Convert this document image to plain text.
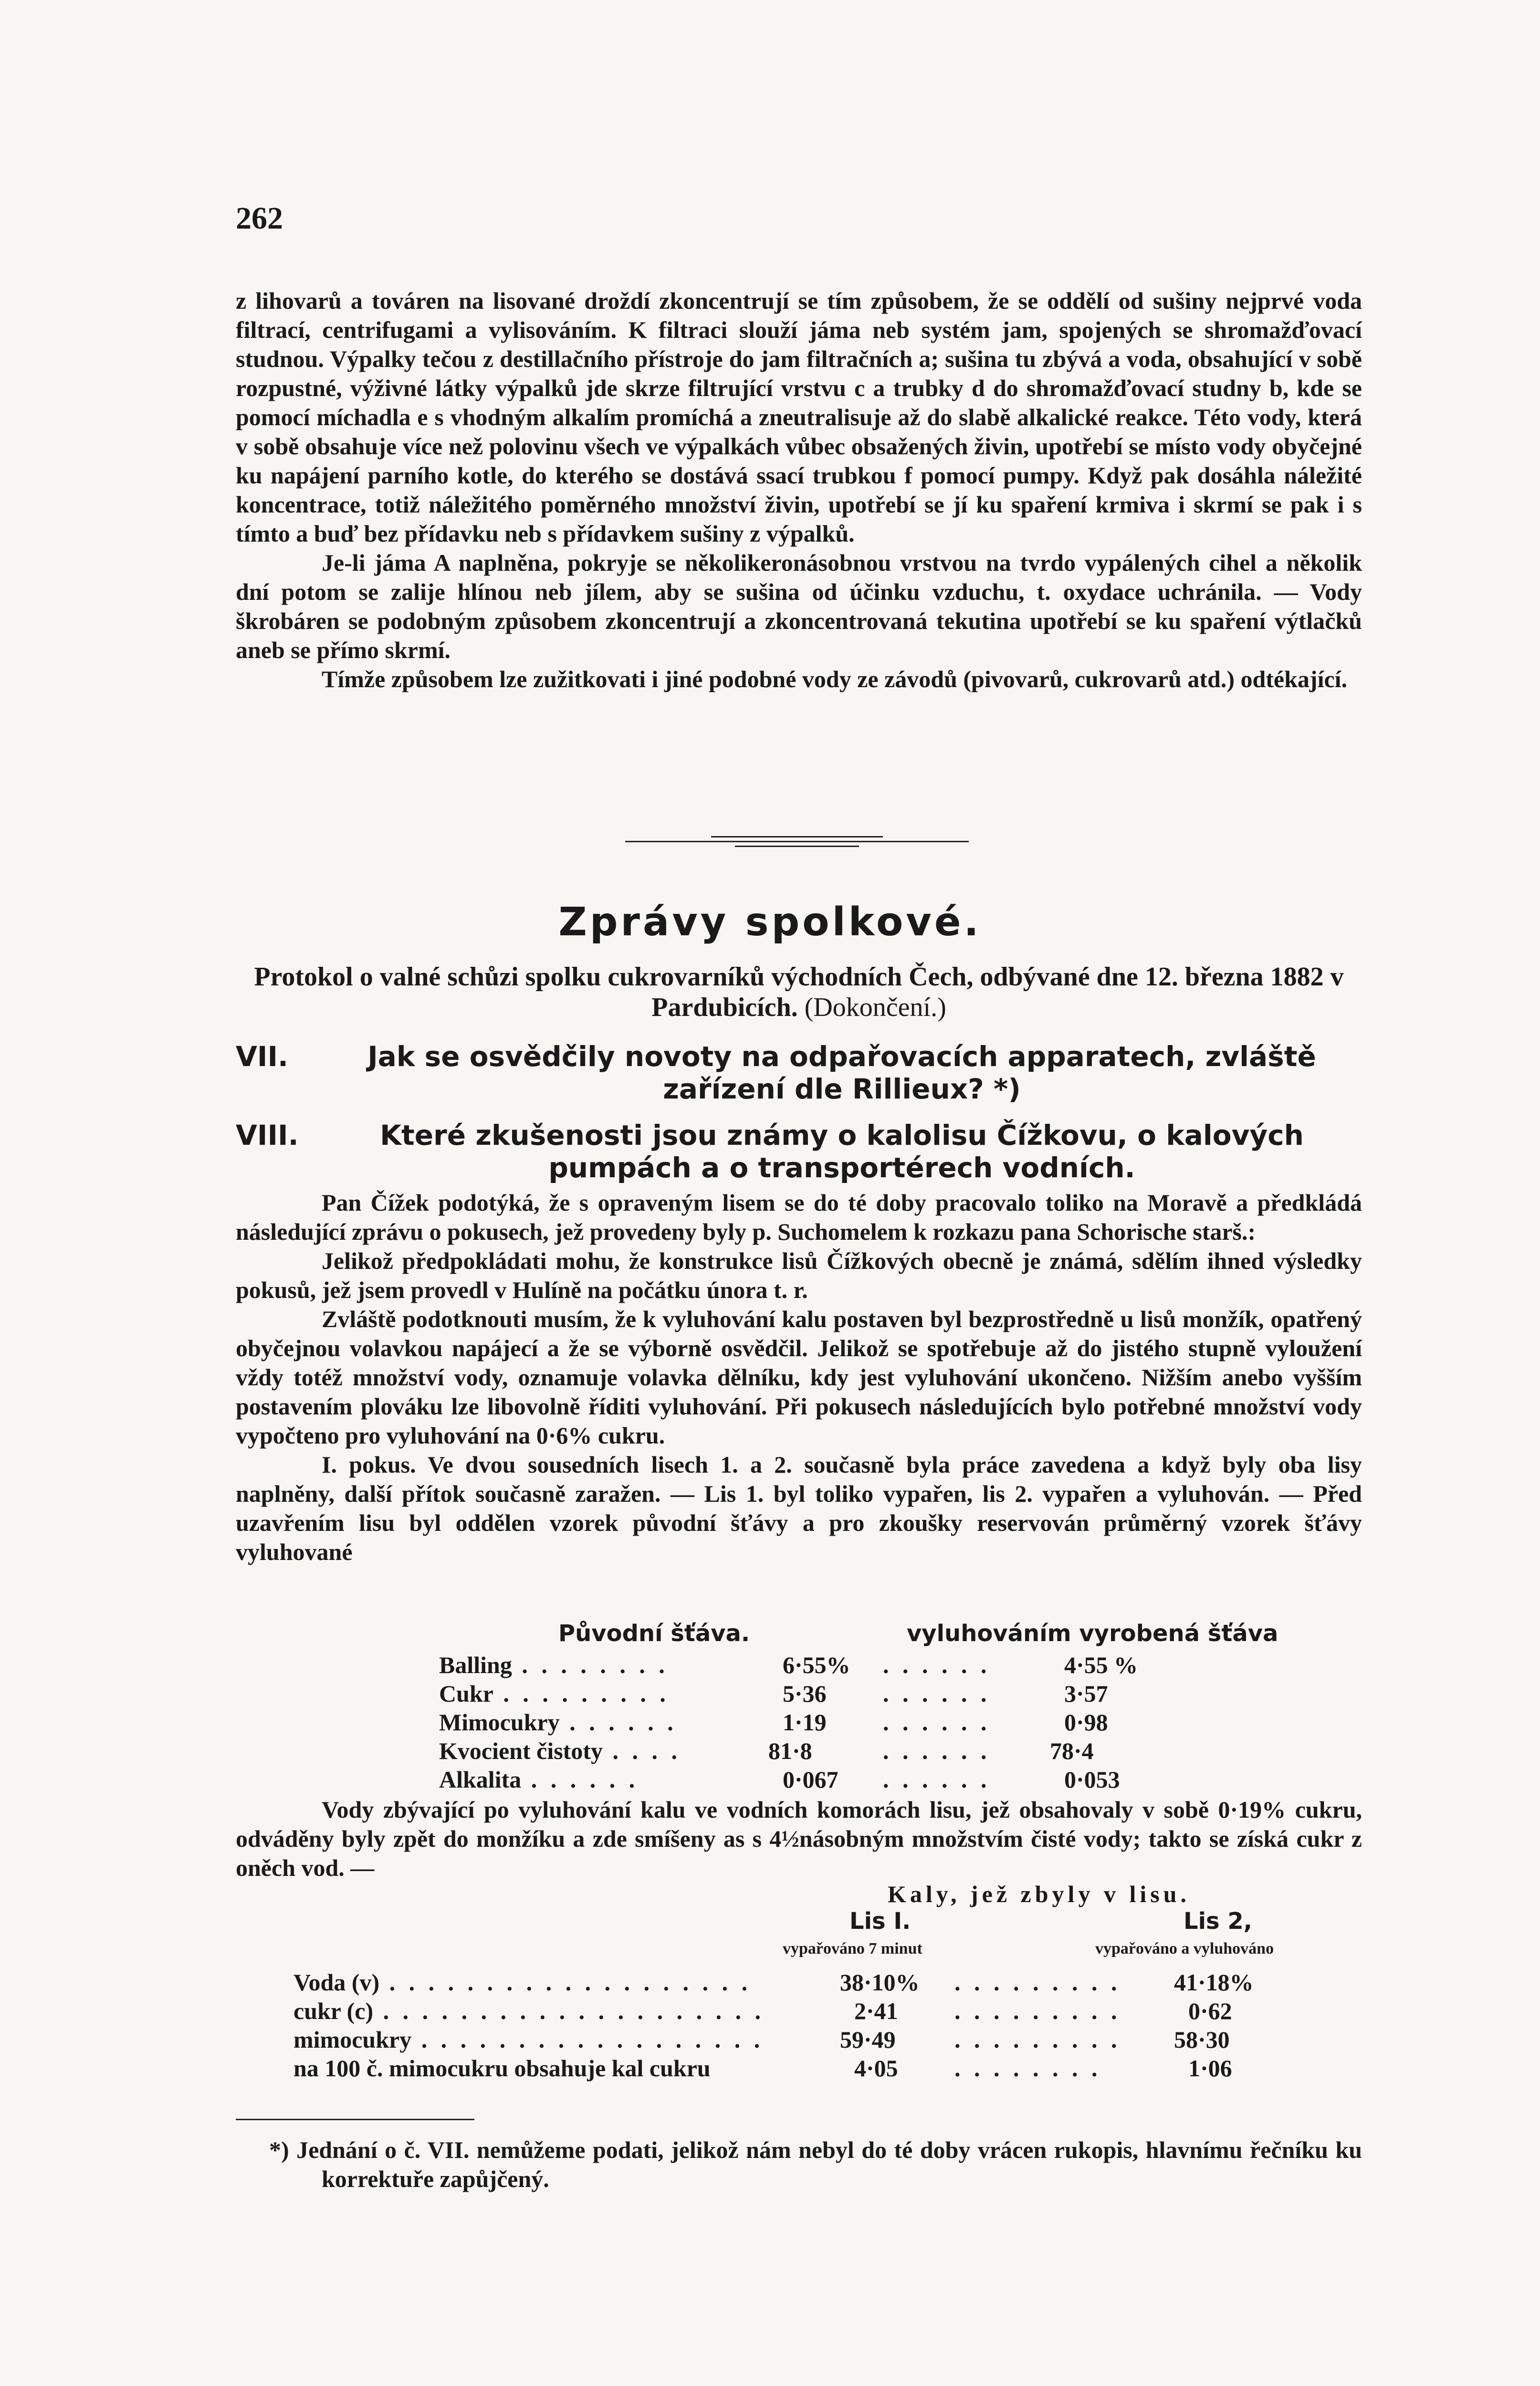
262

z lihovarů a továren na lisované droždí zkoncentrují se tím způsobem, že se oddělí od sušiny nejprvé voda filtrací, centrifugami a vylisováním. K filtraci slouží jáma neb systém jam, spojených se shromažďovací studnou. Výpalky tečou z destillačního přístroje do jam filtračních a; sušina tu zbývá a voda, obsahující v sobě rozpustné, výživné látky výpalků jde skrze filtrující vrstvu c a trubky d do shromažďovací studny b, kde se pomocí míchadla e s vhodným alkalím promíchá a zneutralisuje až do slabě alkalické reakce. Této vody, která v sobě obsahuje více než polovinu všech ve výpalkách vůbec obsažených živin, upotřebí se místo vody obyčejné ku napájení parního kotle, do kterého se dostává ssací trubkou f pomocí pumpy. Když pak dosáhla náležité koncentrace, totiž náležitého poměrného množství živin, upotřebí se jí ku spaření krmiva i skrmí se pak i s tímto a buď bez přídavku neb s přídavkem sušiny z výpalků.

Je-li jáma A naplněna, pokryje se několikeronásobnou vrstvou na tvrdo vypálených cihel a několik dní potom se zalije hlínou neb jílem, aby se sušina od účinku vzduchu, t. oxydace uchránila. — Vody škrobáren se podobným způsobem zkoncentrují a zkoncentrovaná tekutina upotřebí se ku spaření výtlačků aneb se přímo skrmí.

Tímže způsobem lze zužitkovati i jiné podobné vody ze závodů (pivovarů, cukrovarů atd.) odtékající.

Zprávy spolkové.
Protokol o valné schůzi spolku cukrovarníků východních Čech, odbývané dne 12. března 1882 v Pardubicích. (Dokončení.)
VII.	Jak se osvědčily novoty na odpařovacích apparatech, zvláště
zařízení dle Rillieux? *)
VIII.	Které zkušenosti jsou známy o kalolisu Čížkovu, o kalových
pumpách a o transportérech vodních.

Pan Čížek podotýká, že s opraveným lisem se do té doby pracovalo toliko na Moravě a předkládá následující zprávu o pokusech, jež provedeny byly p. Suchomelem k rozkazu pana Schorische starš.:

Jelikož předpokládati mohu, že konstrukce lisů Čížkových obecně je známá, sdělím ihned výsledky pokusů, jež jsem provedl v Hulíně na počátku února t. r.

Zvláště podotknouti musím, že k vyluhování kalu postaven byl bezprostředně u lisů monžík, opatřený obyčejnou volavkou napájecí a že se výborně osvědčil. Jelikož se spotřebuje až do jistého stupně vyloužení vždy totéž množství vody, oznamuje volavka dělníku, kdy jest vyluhování ukončeno. Nižším anebo vyšším postavením plováku lze libovolně říditi vyluhování. Při pokusech následujících bylo potřebné množství vody vypočteno pro vyluhování na 0·6% cukru.

I. pokus. Ve dvou sousedních lisech 1. a 2. současně byla práce zavedena a když byly oba lisy naplněny, další přítok současně zaražen. — Lis 1. byl toliko vypařen, lis 2. vypařen a vyluhován. — Před uzavřením lisu byl oddělen vzorek původní šťávy a pro zkoušky reservován průměrný vzorek šťávy vyluhované

Původní šťáva.	vyluhováním vyrobená šťáva
Balling . . . . . . . .	6·55% . . . . . .	4·55 %
Cukr . . . . . . . . .	5·36 . . . . . .	3·57
Mimocukry . . . . . .	1·19 . . . . . .	0·98
Kvocient čistoty . . . .	81·8	. . . . . . 78·4
Alkalita . . . . . .	0·067 . . . . . .	0·053

Vody zbývající po vyluhování kalu ve vodních komorách lisu, jež obsahovaly v sobě 0·19% cukru, odváděny byly zpět do monžíku a zde smíšeny as s 4½násobným množstvím čisté vody; takto se získá cukr z oněch vod. —

Kaly, jež zbyly v lisu.
Lis I.	Lis 2,
vypařováno 7 minut	vypařováno a vyluhováno
Voda (v) . . . . . . . . . . . . . . . . . . .	38·10% . . . . . . . . . 41·18%
cukr (c) . . . . . . . . . . . . . . . . . . . .	2·41 . . . . . . . . .	0·62
mimocukry . . . . . . . . . . . . . . . . . .	59·49 . . . . . . . . . 58·30
na 100 č. mimocukru obsahuje kal cukru	4·05 . . . . . . . .	1·06

*) Jednání o č. VII. nemůžeme podati, jelikož nám nebyl do té doby vrácen rukopis, hlavnímu řečníku ku korrektuře zapůjčený.
